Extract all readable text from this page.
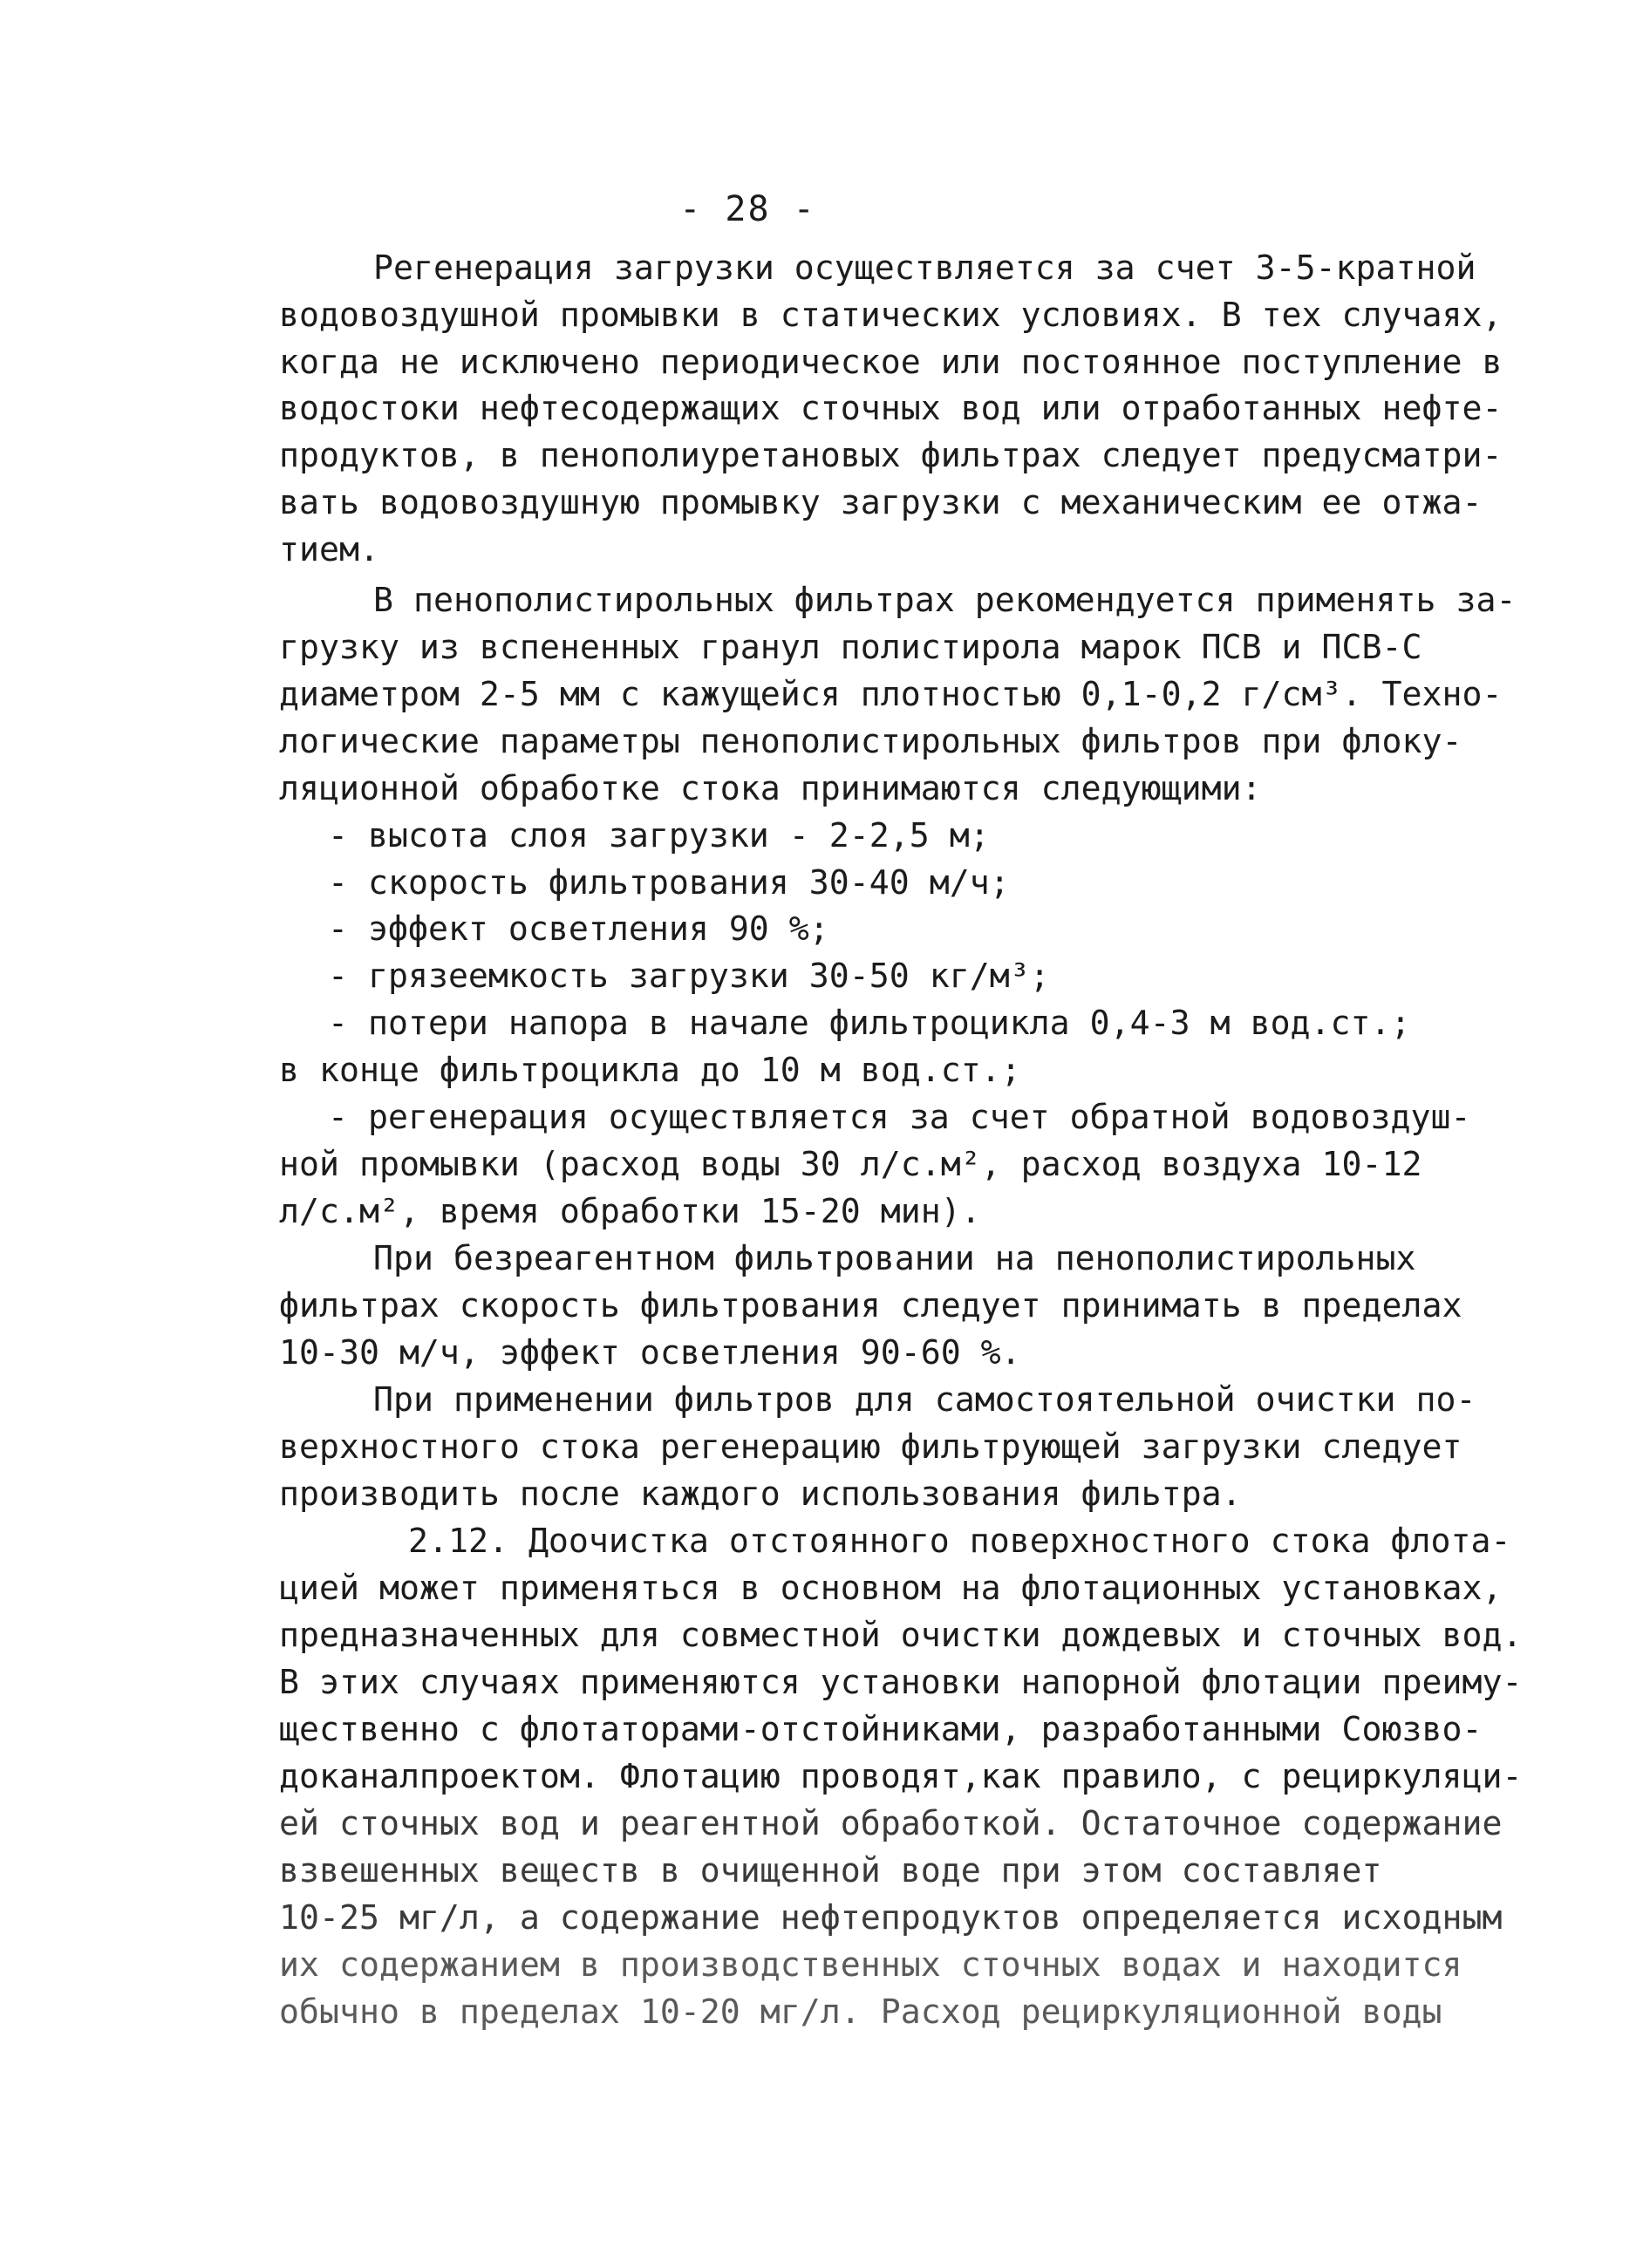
- 28 -
Регенерация загрузки осуществляется за счет 3-5-кратной
водовоздушной промывки в статических условиях. В тех случаях,
когда не исключено периодическое или постоянное поступление в
водостоки нефтесодержащих сточных вод или отработанных нефте-
продуктов, в пенополиуретановых фильтрах следует предусматри-
вать водовоздушную промывку загрузки с механическим ее отжа-
тием.
В пенополистирольных фильтрах рекомендуется применять за-
грузку из вспененных гранул полистирола марок ПСВ и ПСВ-С
диаметром 2-5 мм с кажущейся плотностью 0,1-0,2 г/см³. Техно-
логические параметры пенополистирольных фильтров при флоку-
ляционной обработке стока принимаются следующими:
- высота слоя загрузки - 2-2,5 м;
- скорость фильтрования 30-40 м/ч;
- эффект осветления 90 %;
- грязеемкость загрузки 30-50 кг/м³;
- потери напора в начале фильтроцикла 0,4-3 м вод.ст.;
в конце фильтроцикла до 10 м вод.ст.;
- регенерация осуществляется за счет обратной водовоздуш-
ной промывки (расход воды 30 л/с.м², расход воздуха 10-12
л/с.м², время обработки 15-20 мин).
При безреагентном фильтровании на пенополистирольных
фильтрах скорость фильтрования следует принимать в пределах
10-30 м/ч, эффект осветления 90-60 %.
При применении фильтров для самостоятельной очистки по-
верхностного стока регенерацию фильтрующей загрузки следует
производить после каждого использования фильтра.
2.12. Доочистка отстоянного поверхностного стока флота-
цией может применяться в основном на флотационных установках,
предназначенных для совместной очистки дождевых и сточных вод.
В этих случаях применяются установки напорной флотации преиму-
щественно с флотаторами-отстойниками, разработанными Союзво-
доканалпроектом. Флотацию проводят,как правило, с рециркуляци-
ей сточных вод и реагентной обработкой. Остаточное содержание
взвешенных веществ в очищенной воде при этом составляет
10-25 мг/л, а содержание нефтепродуктов определяется исходным
их содержанием в производственных сточных водах и находится
обычно в пределах 10-20 мг/л. Расход рециркуляционной воды
